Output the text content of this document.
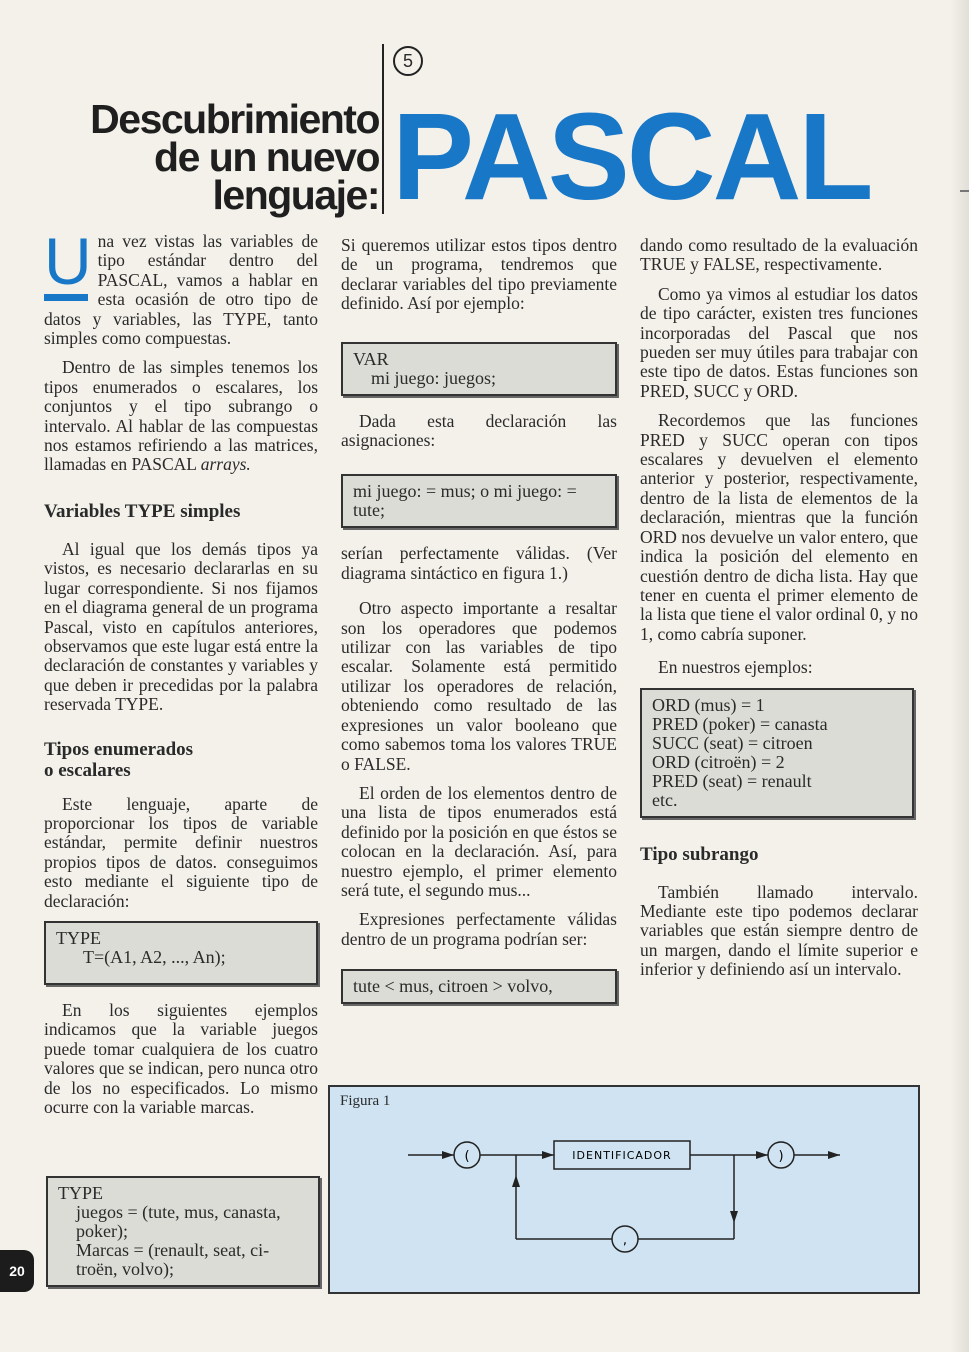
5
Descubrimiento
de un nuevo
lenguaje: PASCAL

Una vez vistas las variables de tipo estándar dentro del PASCAL, vamos a hablar en esta ocasión de otro tipo de datos y variables, las TYPE, tanto simples como compuestas.

Dentro de las simples tenemos los tipos enumerados o escalares, los conjuntos y el tipo subrango o intervalo. Al hablar de las compuestas nos estamos refiriendo a las matrices, llamadas en PASCAL arrays.

Variables TYPE simples

Al igual que los demás tipos ya vistos, es necesario declararlas en su lugar correspondiente. Si nos fijamos en el diagrama general de un programa Pascal, visto en capítulos anteriores, observamos que este lugar está entre la declaración de constantes y variables y que deben ir precedidas por la palabra reservada TYPE.

Tipos enumerados
o escalares

Este lenguaje, aparte de proporcionar los tipos de variable estándar, permite definir nuestros propios tipos de datos. conseguimos esto mediante el siguiente tipo de declaración:

TYPE
T=(A1, A2, ..., An);

En los siguientes ejemplos indicamos que la variable juegos puede tomar cualquiera de los cuatro valores que se indican, pero nunca otro de los no especificados. Lo mismo ocurre con la variable marcas.

TYPE
juegos = (tute, mus, canasta,
poker);
Marcas = (renault, seat, ci-
troën, volvo);

Si queremos utilizar estos tipos dentro de un programa, tendremos que declarar variables del tipo previamente definido. Así por ejemplo:

VAR
mi juego: juegos;

Dada esta declaración las asignaciones:

mi juego: = mus; o mi juego: =
tute;

serían perfectamente válidas. (Ver diagrama sintáctico en figura 1.)

Otro aspecto importante a resaltar son los operadores que podemos utilizar con las variables de tipo escalar. Solamente está permitido utilizar los operadores de relación, obteniendo como resultado de las expresiones un valor booleano que como sabemos toma los valores TRUE o FALSE.

El orden de los elementos dentro de una lista de tipos enumerados está definido por la posición en que éstos se colocan en la declaración. Así, para nuestro ejemplo, el primer elemento será tute, el segundo mus...

Expresiones perfectamente válidas dentro de un programa podrían ser:

tute < mus, citroen > volvo,

dando como resultado de la evaluación TRUE y FALSE, respectivamente.

Como ya vimos al estudiar los datos de tipo carácter, existen tres funciones incorporadas del Pascal que nos pueden ser muy útiles para trabajar con este tipo de datos. Estas funciones son PRED, SUCC y ORD.

Recordemos que las funciones PRED y SUCC operan con tipos escalares y devuelven el elemento anterior y posterior, respectivamente, dentro de la lista de elementos de la declaración, mientras que la función ORD nos devuelve un valor entero, que indica la posición del elemento en cuestión dentro de dicha lista. Hay que tener en cuenta el primer elemento de la lista que tiene el valor ordinal 0, y no 1, como cabría suponer.

En nuestros ejemplos:

ORD (mus) = 1
PRED (poker) = canasta
SUCC (seat) = citroen
ORD (citroën) = 2
PRED (seat) = renault
etc.
Tipo subrango

También llamado intervalo. Mediante este tipo podemos declarar variables que están siempre dentro de un margen, dando el límite superior e inferior y definiendo así un intervalo.

Figura 1
(	IDENTIFICADOR	)
,
20
